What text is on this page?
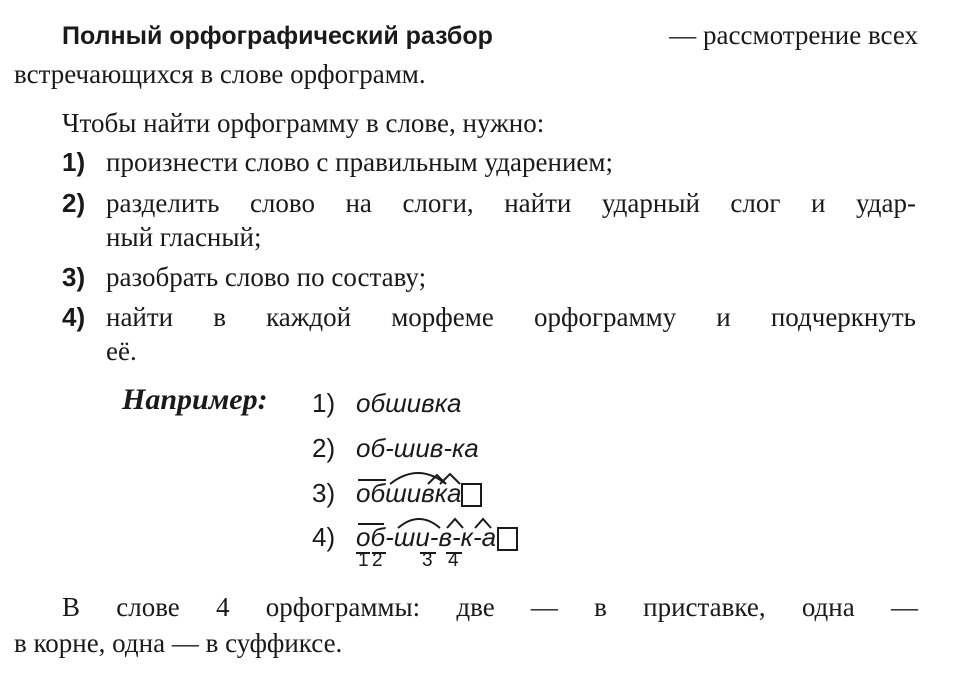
Полный орфографический разбор	— рассмотрение всех
встречающихся в слове орфограмм.
Чтобы найти орфограмму в слове, нужно:
1) произнести слово с правильным ударением;
2) разделить слово на слоги, найти ударный слог и удар-
ный гласный;
3) разобрать слово по составу;
4) найти в каждой морфеме орфограмму и подчеркнуть
её.
Например: 1) обшивка
2) об-шив-ка
3) обшивка
4) об-ши-в-к-а
1 2 3 4
В слове 4 орфограммы: две — в приставке, одна —
в корне, одна — в суффиксе.
